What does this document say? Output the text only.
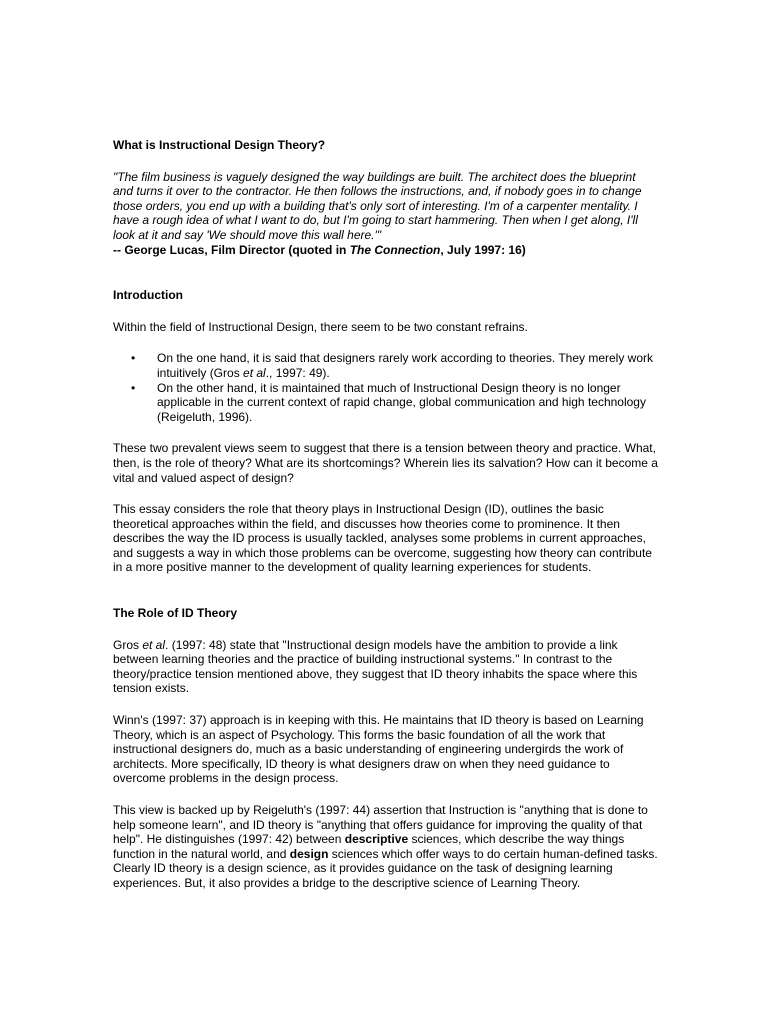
What is Instructional Design Theory?

"The film business is vaguely designed the way buildings are built. The architect does the blueprint and turns it over to the contractor. He then follows the instructions, and, if nobody goes in to change those orders, you end up with a building that's only sort of interesting. I'm of a carpenter mentality. I have a rough idea of what I want to do, but I'm going to start hammering. Then when I get along, I'll look at it and say 'We should move this wall here.'"

-- George Lucas, Film Director (quoted in The Connection, July 1997: 16)

Introduction

Within the field of Instructional Design, there seem to be two constant refrains.

• On the one hand, it is said that designers rarely work according to theories. They merely work intuitively (Gros et al., 1997: 49).
• On the other hand, it is maintained that much of Instructional Design theory is no longer applicable in the current context of rapid change, global communication and high technology (Reigeluth, 1996).

These two prevalent views seem to suggest that there is a tension between theory and practice. What, then, is the role of theory? What are its shortcomings? Wherein lies its salvation? How can it become a vital and valued aspect of design?

This essay considers the role that theory plays in Instructional Design (ID), outlines the basic theoretical approaches within the field, and discusses how theories come to prominence. It then describes the way the ID process is usually tackled, analyses some problems in current approaches, and suggests a way in which those problems can be overcome, suggesting how theory can contribute in a more positive manner to the development of quality learning experiences for students.

The Role of ID Theory

Gros et al. (1997: 48) state that "Instructional design models have the ambition to provide a link between learning theories and the practice of building instructional systems." In contrast to the theory/practice tension mentioned above, they suggest that ID theory inhabits the space where this tension exists.

Winn's (1997: 37) approach is in keeping with this. He maintains that ID theory is based on Learning Theory, which is an aspect of Psychology. This forms the basic foundation of all the work that instructional designers do, much as a basic understanding of engineering undergirds the work of architects. More specifically, ID theory is what designers draw on when they need guidance to overcome problems in the design process.

This view is backed up by Reigeluth's (1997: 44) assertion that Instruction is "anything that is done to help someone learn", and ID theory is "anything that offers guidance for improving the quality of that help". He distinguishes (1997: 42) between descriptive sciences, which describe the way things function in the natural world, and design sciences which offer ways to do certain human-defined tasks. Clearly ID theory is a design science, as it provides guidance on the task of designing learning experiences. But, it also provides a bridge to the descriptive science of Learning Theory.
